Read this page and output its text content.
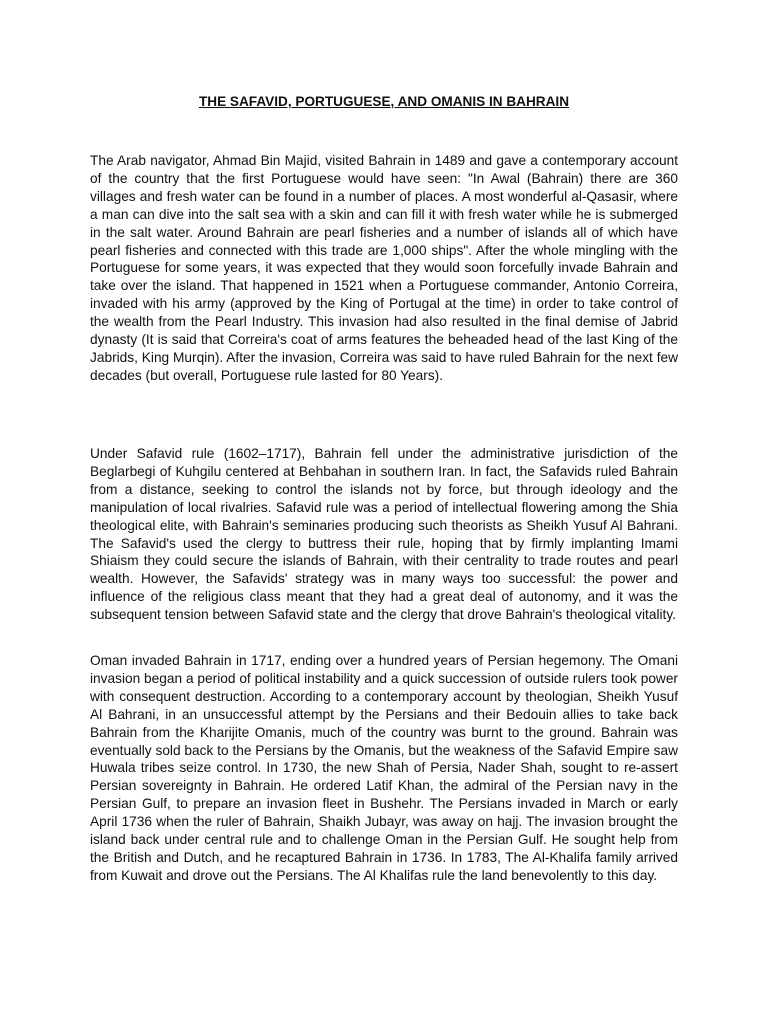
THE SAFAVID, PORTUGUESE, AND OMANIS IN BAHRAIN

The Arab navigator, Ahmad Bin Majid, visited Bahrain in 1489 and gave a contemporary account of the country that the first Portuguese would have seen: "In Awal (Bahrain) there are 360 villages and fresh water can be found in a number of places. A most wonderful al-Qasasir, where a man can dive into the salt sea with a skin and can fill it with fresh water while he is submerged in the salt water. Around Bahrain are pearl fisheries and a number of islands all of which have pearl fisheries and connected with this trade are 1,000 ships". After the whole mingling with the Portuguese for some years, it was expected that they would soon forcefully invade Bahrain and take over the island. That happened in 1521 when a Portuguese commander, Antonio Correira, invaded with his army (approved by the King of Portugal at the time) in order to take control of the wealth from the Pearl Industry. This invasion had also resulted in the final demise of Jabrid dynasty (It is said that Correira's coat of arms features the beheaded head of the last King of the Jabrids, King Murqin). After the invasion, Correira was said to have ruled Bahrain for the next few decades (but overall, Portuguese rule lasted for 80 Years).

Under Safavid rule (1602–1717), Bahrain fell under the administrative jurisdiction of the Beglarbegi of Kuhgilu centered at Behbahan in southern Iran. In fact, the Safavids ruled Bahrain from a distance, seeking to control the islands not by force, but through ideology and the manipulation of local rivalries. Safavid rule was a period of intellectual flowering among the Shia theological elite, with Bahrain's seminaries producing such theorists as Sheikh Yusuf Al Bahrani. The Safavid's used the clergy to buttress their rule, hoping that by firmly implanting Imami Shiaism they could secure the islands of Bahrain, with their centrality to trade routes and pearl wealth. However, the Safavids' strategy was in many ways too successful: the power and influence of the religious class meant that they had a great deal of autonomy, and it was the subsequent tension between Safavid state and the clergy that drove Bahrain's theological vitality.

Oman invaded Bahrain in 1717, ending over a hundred years of Persian hegemony. The Omani invasion began a period of political instability and a quick succession of outside rulers took power with consequent destruction. According to a contemporary account by theologian, Sheikh Yusuf Al Bahrani, in an unsuccessful attempt by the Persians and their Bedouin allies to take back Bahrain from the Kharijite Omanis, much of the country was burnt to the ground. Bahrain was eventually sold back to the Persians by the Omanis, but the weakness of the Safavid Empire saw Huwala tribes seize control. In 1730, the new Shah of Persia, Nader Shah, sought to re-assert Persian sovereignty in Bahrain. He ordered Latif Khan, the admiral of the Persian navy in the Persian Gulf, to prepare an invasion fleet in Bushehr. The Persians invaded in March or early April 1736 when the ruler of Bahrain, Shaikh Jubayr, was away on hajj. The invasion brought the island back under central rule and to challenge Oman in the Persian Gulf. He sought help from the British and Dutch, and he recaptured Bahrain in 1736. In 1783, The Al-Khalifa family arrived from Kuwait and drove out the Persians. The Al Khalifas rule the land benevolently to this day.
